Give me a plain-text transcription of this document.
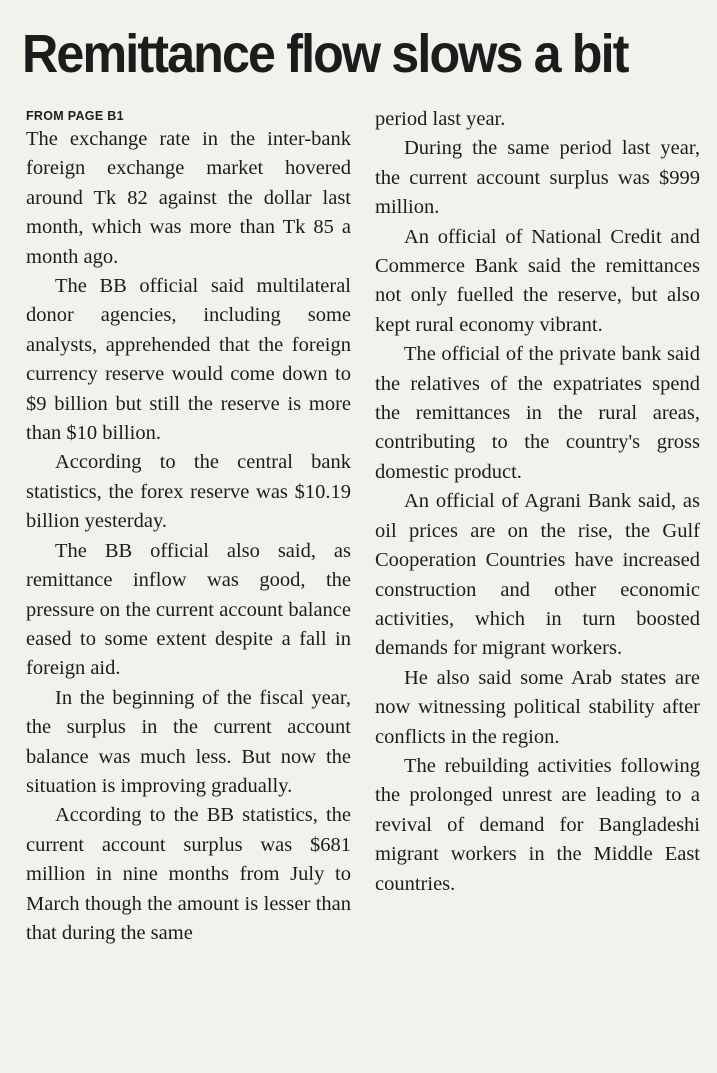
Remittance flow slows a bit
FROM PAGE B1

The exchange rate in the inter-bank foreign exchange market hovered around Tk 82 against the dollar last month, which was more than Tk 85 a month ago.

The BB official said multilateral donor agencies, including some analysts, apprehended that the foreign currency reserve would come down to $9 billion but still the reserve is more than $10 billion.

According to the central bank statistics, the forex reserve was $10.19 billion yesterday.

The BB official also said, as remittance inflow was good, the pressure on the current account balance eased to some extent despite a fall in foreign aid.

In the beginning of the fiscal year, the surplus in the current account balance was much less. But now the situation is improving gradually.

According to the BB statistics, the current account surplus was $681 million in nine months from July to March though the amount is lesser than that during the same

period last year.

During the same period last year, the current account surplus was $999 million.

An official of National Credit and Commerce Bank said the remittances not only fuelled the reserve, but also kept rural economy vibrant.

The official of the private bank said the relatives of the expatriates spend the remittances in the rural areas, contributing to the country's gross domestic product.

An official of Agrani Bank said, as oil prices are on the rise, the Gulf Cooperation Countries have increased construction and other economic activities, which in turn boosted demands for migrant workers.

He also said some Arab states are now witnessing political stability after conflicts in the region.

The rebuilding activities following the prolonged unrest are leading to a revival of demand for Bangladeshi migrant workers in the Middle East countries.
